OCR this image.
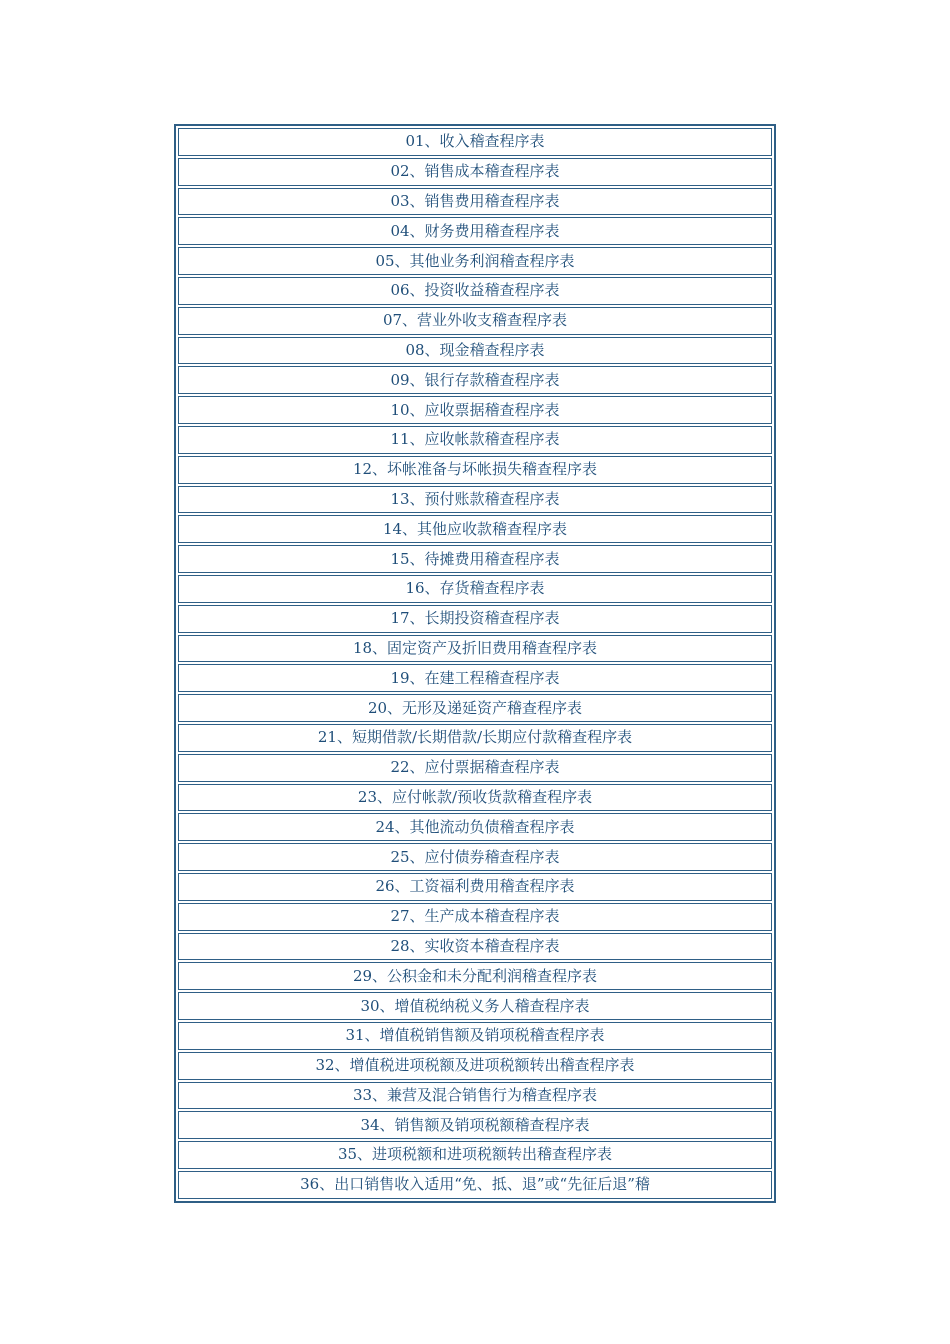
01、收入稽查程序表
02、销售成本稽查程序表
03、销售费用稽查程序表
04、财务费用稽查程序表
05、其他业务利润稽查程序表
06、投资收益稽查程序表
07、营业外收支稽查程序表
08、现金稽查程序表
09、银行存款稽查程序表
10、应收票据稽查程序表
11、应收帐款稽查程序表
12、坏帐准备与坏帐损失稽查程序表
13、预付账款稽查程序表
14、其他应收款稽查程序表
15、待摊费用稽查程序表
16、存货稽查程序表
17、长期投资稽查程序表
18、固定资产及折旧费用稽查程序表
19、在建工程稽查程序表
20、无形及递延资产稽查程序表
21、短期借款/长期借款/长期应付款稽查程序表
22、应付票据稽查程序表
23、应付帐款/预收货款稽查程序表
24、其他流动负债稽查程序表
25、应付债券稽查程序表
26、工资福利费用稽查程序表
27、生产成本稽查程序表
28、实收资本稽查程序表
29、公积金和未分配利润稽查程序表
30、增值税纳税义务人稽查程序表
31、增值税销售额及销项税稽查程序表
32、增值税进项税额及进项税额转出稽查程序表
33、兼营及混合销售行为稽查程序表
34、销售额及销项税额稽查程序表
35、进项税额和进项税额转出稽查程序表
36、出口销售收入适用“免、抵、退”或“先征后退”稽
